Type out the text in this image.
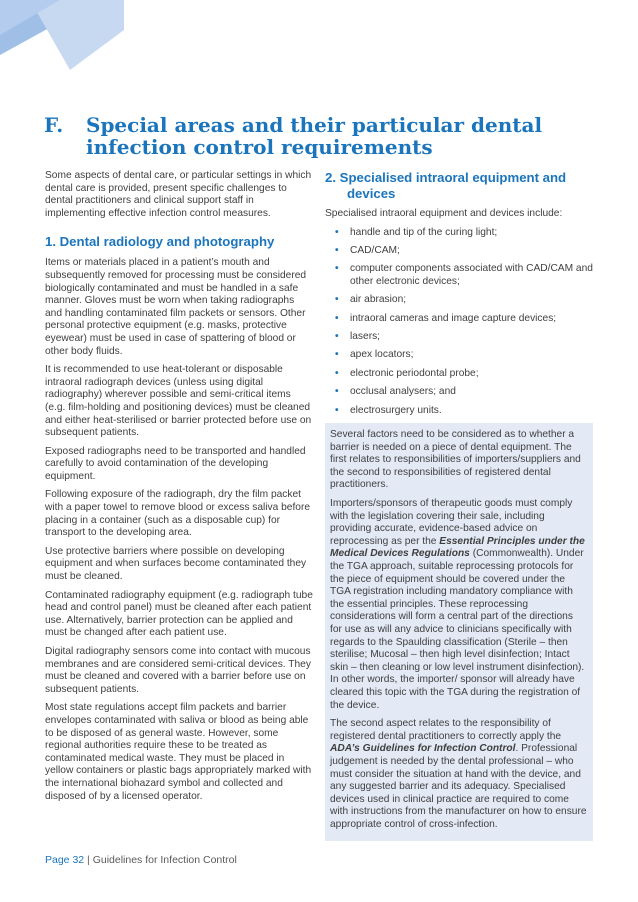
F. Special areas and their particular dental
infection control requirements

Some aspects of dental care, or particular settings in which dental care is provided, present specific challenges to dental practitioners and clinical support staff in implementing effective infection control measures.

1. Dental radiology and photography

Items or materials placed in a patient’s mouth and subsequently removed for processing must be considered biologically contaminated and must be handled in a safe manner. Gloves must be worn when taking radiographs and handling contaminated film packets or sensors. Other personal protective equipment (e.g. masks, protective eyewear) must be used in case of spattering of blood or other body fluids.

It is recommended to use heat-tolerant or disposable intraoral radiograph devices (unless using digital radiography) wherever possible and semi-critical items (e.g. film-holding and positioning devices) must be cleaned and either heat-sterilised or barrier protected before use on subsequent patients.

Exposed radiographs need to be transported and handled carefully to avoid contamination of the developing equipment.

Following exposure of the radiograph, dry the film packet with a paper towel to remove blood or excess saliva before placing in a container (such as a disposable cup) for transport to the developing area.

Use protective barriers where possible on developing equipment and when surfaces become contaminated they must be cleaned.

Contaminated radiography equipment (e.g. radiograph tube head and control panel) must be cleaned after each patient use. Alternatively, barrier protection can be applied and must be changed after each patient use.

Digital radiography sensors come into contact with mucous membranes and are considered semi-critical devices. They must be cleaned and covered with a barrier before use on subsequent patients.

Most state regulations accept film packets and barrier envelopes contaminated with saliva or blood as being able to be disposed of as general waste. However, some regional authorities require these to be treated as contaminated medical waste. They must be placed in yellow containers or plastic bags appropriately marked with the international biohazard symbol and collected and disposed of by a licensed operator.

2. Specialised intraoral equipment and devices

Specialised intraoral equipment and devices include:

• handle and tip of the curing light;
• CAD/CAM;
• computer components associated with CAD/CAM and other electronic devices;
• air abrasion;
• intraoral cameras and image capture devices;
• lasers;
• apex locators;
• electronic periodontal probe;
• occlusal analysers; and
• electrosurgery units.

Several factors need to be considered as to whether a barrier is needed on a piece of dental equipment. The first relates to responsibilities of importers/suppliers and the second to responsibilities of registered dental practitioners.

Importers/sponsors of therapeutic goods must comply with the legislation covering their sale, including providing accurate, evidence-based advice on reprocessing as per the Essential Principles under the Medical Devices Regulations (Commonwealth). Under the TGA approach, suitable reprocessing protocols for the piece of equipment should be covered under the TGA registration including mandatory compliance with the essential principles. These reprocessing considerations will form a central part of the directions for use as will any advice to clinicians specifically with regards to the Spaulding classification (Sterile – then sterilise; Mucosal – then high level disinfection; Intact skin – then cleaning or low level instrument disinfection). In other words, the importer/ sponsor will already have cleared this topic with the TGA during the registration of the device.

The second aspect relates to the responsibility of registered dental practitioners to correctly apply the ADA’s Guidelines for Infection Control. Professional judgement is needed by the dental professional – who must consider the situation at hand with the device, and any suggested barrier and its adequacy. Specialised devices used in clinical practice are required to come with instructions from the manufacturer on how to ensure appropriate control of cross-infection.

Page 32 | Guidelines for Infection Control
